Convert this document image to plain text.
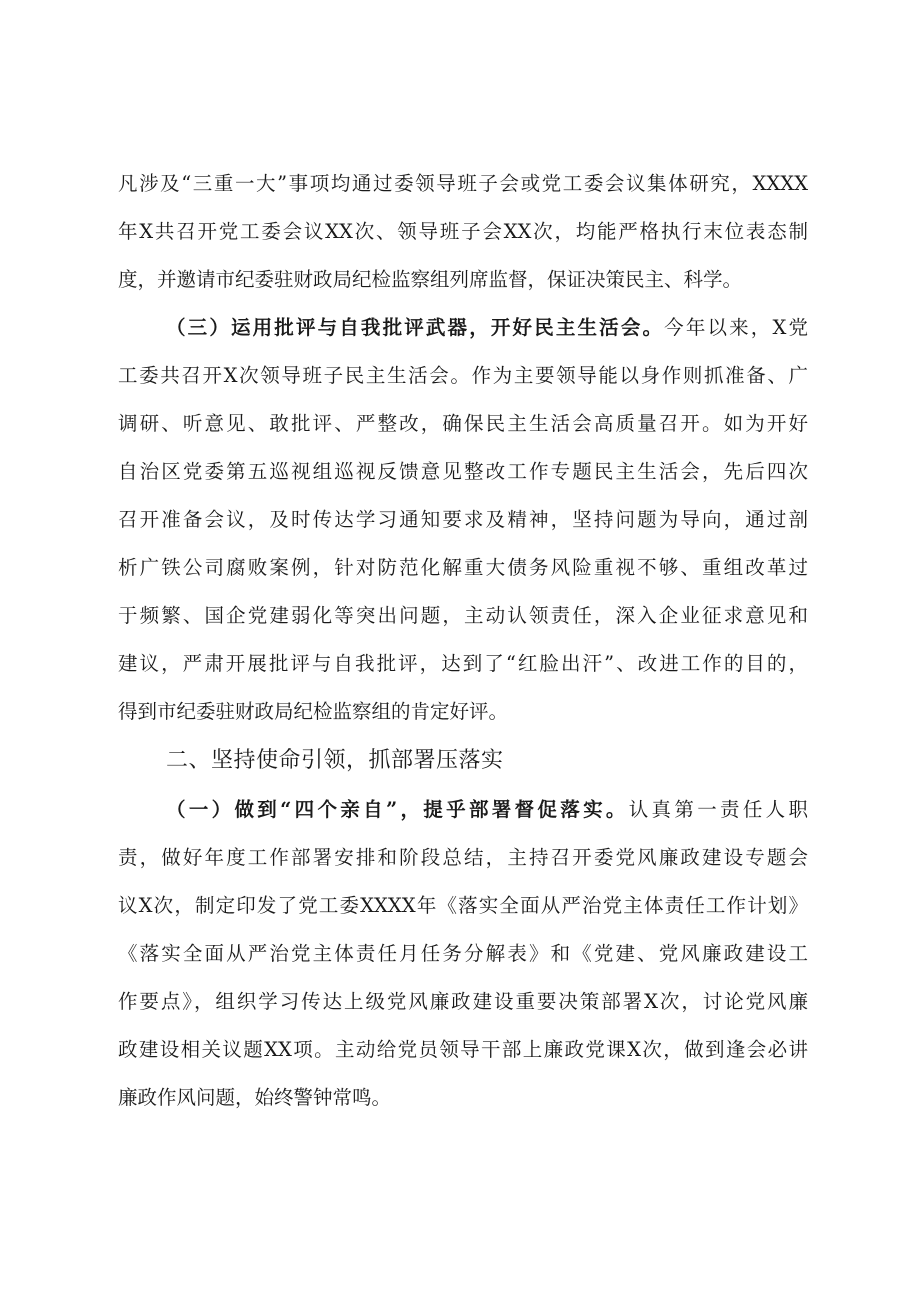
凡涉及“三重一大”事项均通过委领导班子会或党工委会议集体研究，XXXX
年X共召开党工委会议XX次、领导班子会XX次，均能严格执行末位表态制
度，并邀请市纪委驻财政局纪检监察组列席监督，保证决策民主、科学。
（三）运用批评与自我批评武器，开好民主生活会。今年以来，X党
工委共召开X次领导班子民主生活会。作为主要领导能以身作则抓准备、广
调研、听意见、敢批评、严整改，确保民主生活会高质量召开。如为开好
自治区党委第五巡视组巡视反馈意见整改工作专题民主生活会，先后四次
召开准备会议，及时传达学习通知要求及精神，坚持问题为导向，通过剖
析广铁公司腐败案例，针对防范化解重大债务风险重视不够、重组改革过
于频繁、国企党建弱化等突出问题，主动认领责任，深入企业征求意见和
建议，严肃开展批评与自我批评，达到了“红脸出汗”、改进工作的目的，
得到市纪委驻财政局纪检监察组的肯定好评。
二、坚持使命引领，抓部署压落实
（一）做到“四个亲自”，提乎部署督促落实。认真第一责任人职
责，做好年度工作部署安排和阶段总结，主持召开委党风廉政建设专题会
议X次，制定印发了党工委XXXX年《落实全面从严治党主体责任工作计划》
《落实全面从严治党主体责任月任务分解表》和《党建、党风廉政建设工
作要点》，组织学习传达上级党风廉政建设重要决策部署X次，讨论党风廉
政建设相关议题XX项。主动给党员领导干部上廉政党课X次，做到逢会必讲
廉政作风问题，始终警钟常鸣。
